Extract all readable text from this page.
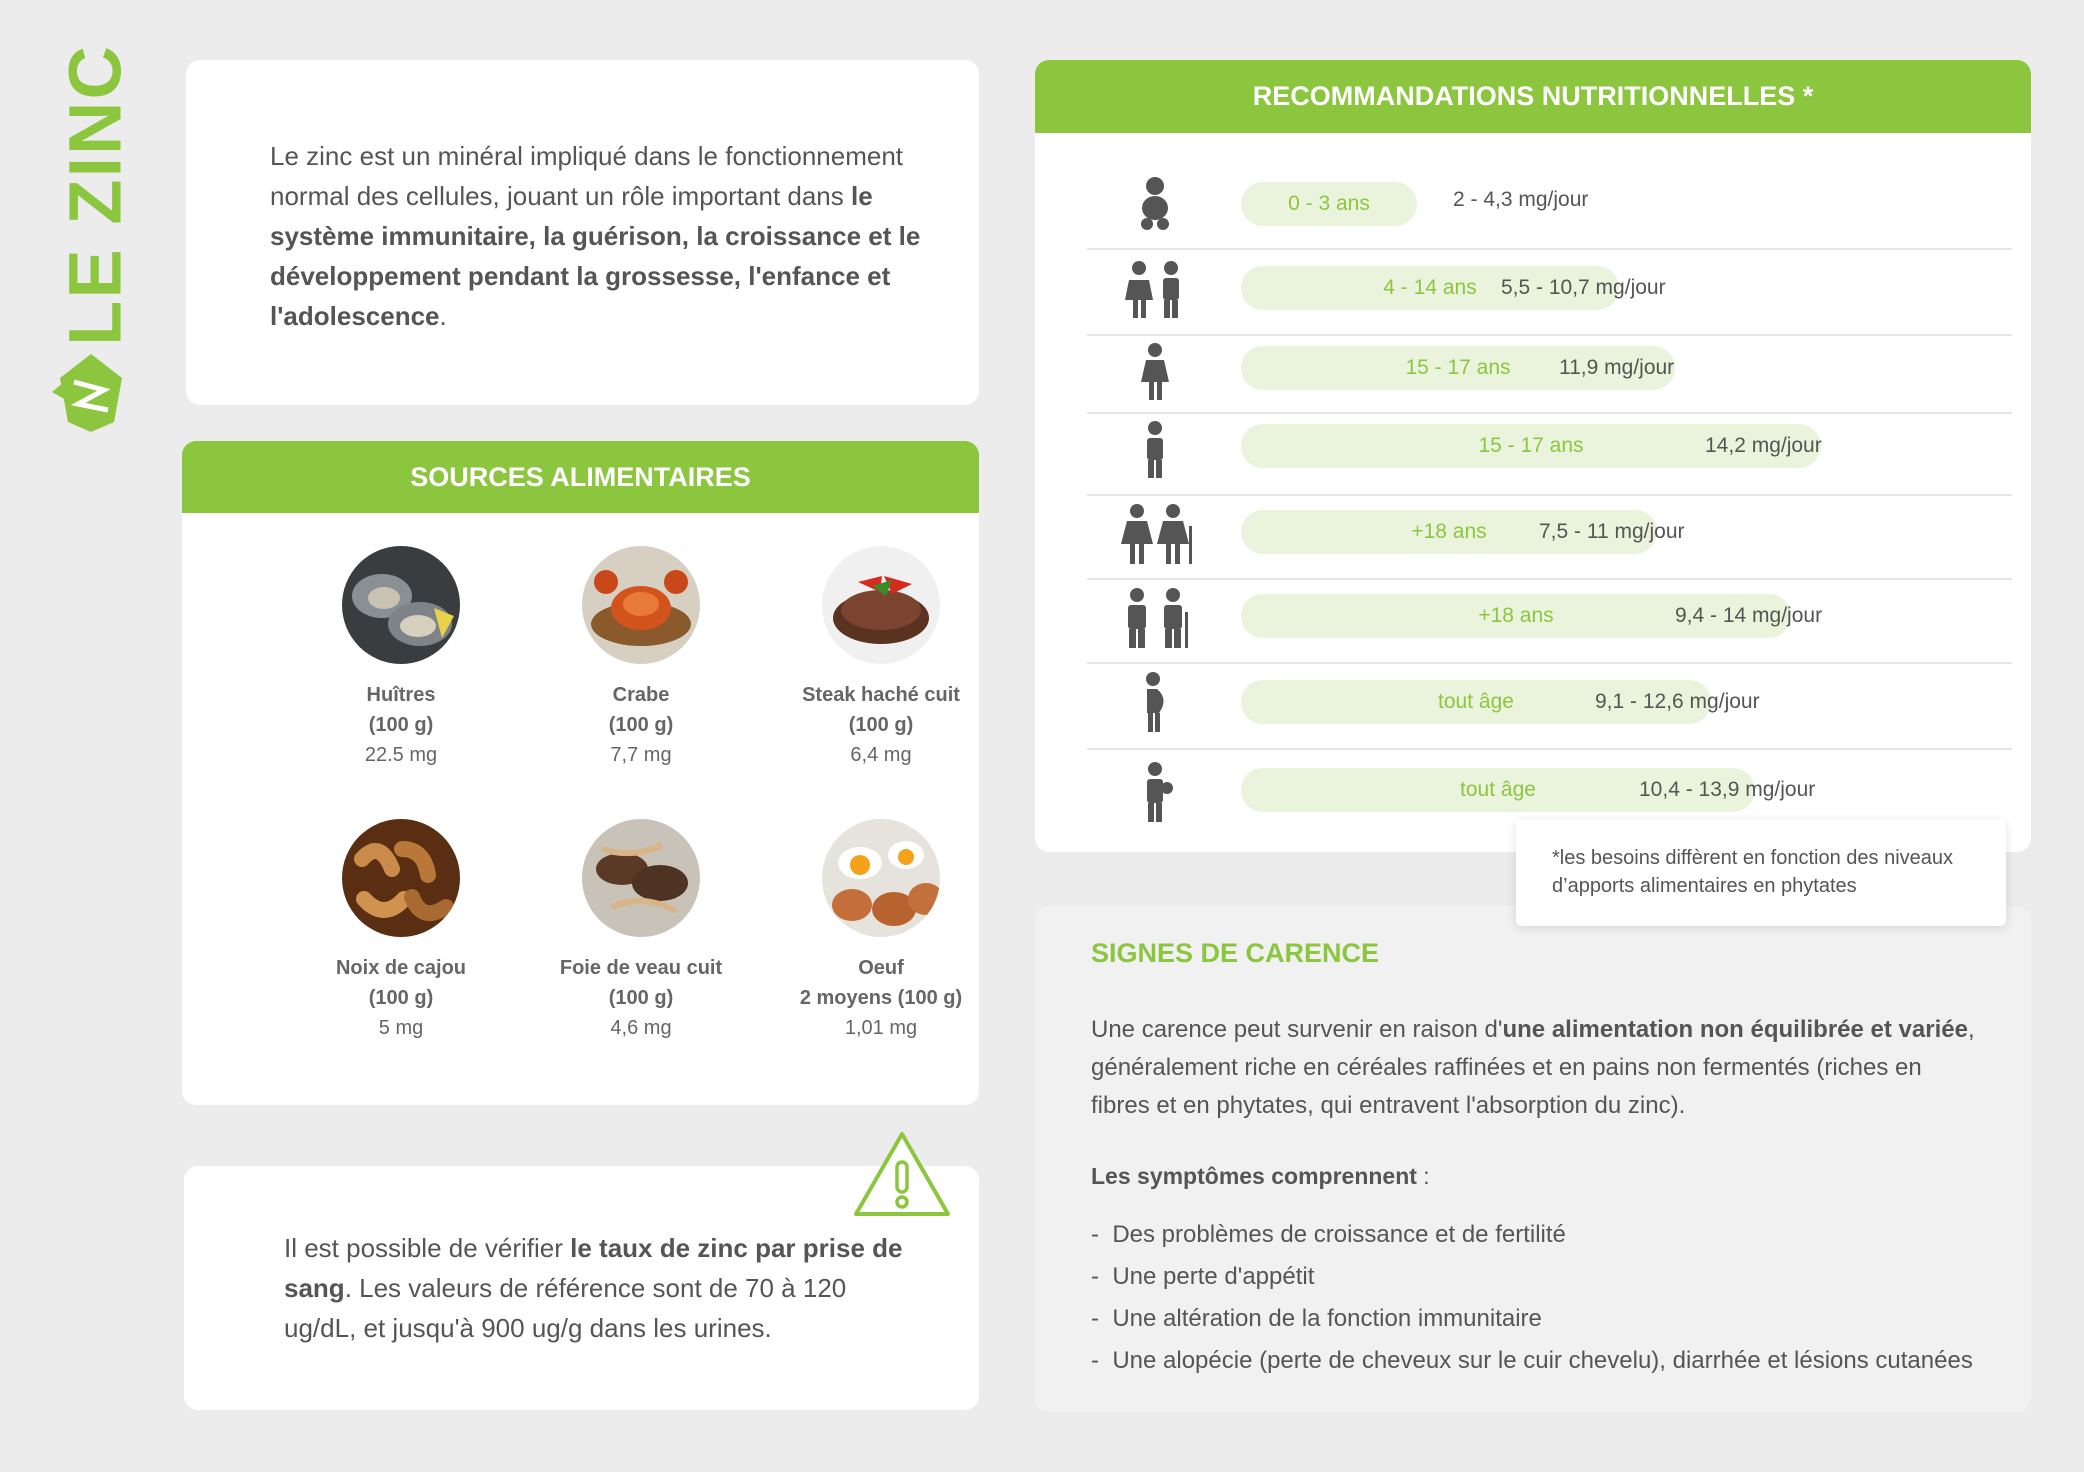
LE ZINC	Le zinc est un minéral impliqué dans le fonctionnement normal des cellules, jouant un rôle important dans le système immunitaire, la guérison, la croissance et le développement pendant la grossesse, l'enfance et l'adolescence.

SOURCES ALIMENTAIRES
Huîtres
(100 g)
22.5 mg
Crabe
(100 g)
7,7 mg
Steak haché cuit
(100 g)
6,4 mg
Noix de cajou
(100 g)
5 mg
Foie de veau cuit
(100 g)
4,6 mg
Oeuf
2 moyens (100 g)
1,01 mg

Il est possible de vérifier le taux de zinc par prise de sang. Les valeurs de référence sont de 70 à 120 ug/dL, et jusqu'à 900 ug/g dans les urines.

RECOMMANDATIONS NUTRITIONNELLES *
0 - 3 ans	2 - 4,3 mg/jour
4 - 14 ans	5,5 - 10,7 mg/jour
15 - 17 ans	11,9 mg/jour
15 - 17 ans	14,2 mg/jour
+18 ans	7,5 - 11 mg/jour
+18 ans	9,4 - 14 mg/jour
tout âge	9,1 - 12,6 mg/jour
tout âge	10,4 - 13,9 mg/jour
SIGNES DE CARENCE

Une carence peut survenir en raison d'une alimentation non équilibrée et variée, généralement riche en céréales raffinées et en pains non fermentés (riches en fibres et en phytates, qui entravent l'absorption du zinc).

Les symptômes comprennent :
-  Des problèmes de croissance et de fertilité
-  Une perte d'appétit
-  Une altération de la fonction immunitaire
-  Une alopécie (perte de cheveux sur le cuir chevelu), diarrhée et lésions cutanées
*les besoins diffèrent en fonction des niveaux d’apports alimentaires en phytates
